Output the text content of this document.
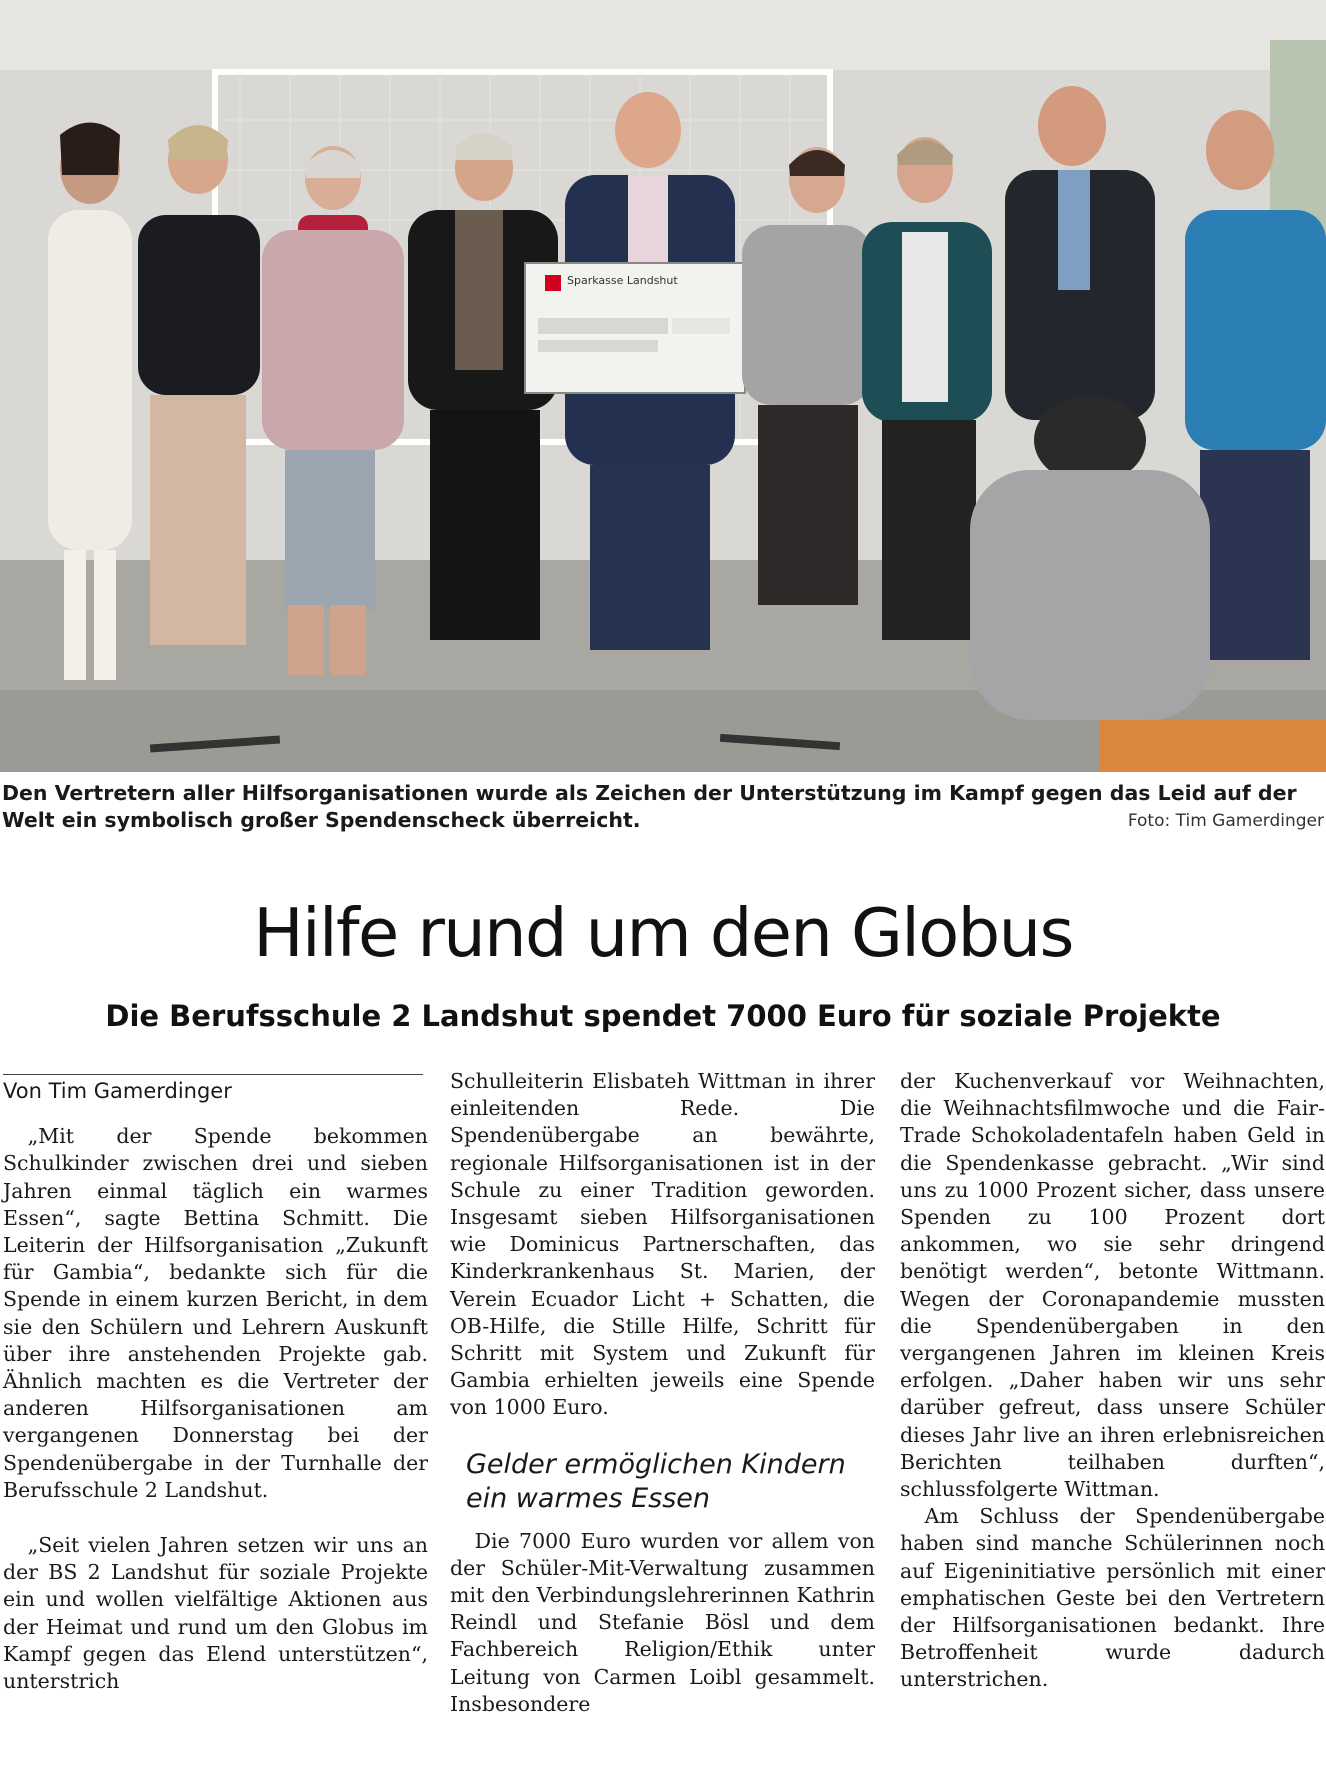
Sparkasse Landshut
Den Vertretern aller Hilfsorganisationen wurde als Zeichen der Unterstützung im Kampf gegen das Leid auf der Welt ein symbolisch großer Spendenscheck überreicht.	Foto: Tim Gamerdinger
Hilfe rund um den Globus
Die Berufsschule 2 Landshut spendet 7000 Euro für soziale Projekte

Von Tim Gamerdinger

„Mit der Spende bekommen Schulkinder zwischen drei und sieben Jahren einmal täglich ein warmes Essen“, sagte Bettina Schmitt. Die Leiterin der Hilfsorganisation „Zukunft für Gambia“, bedankte sich für die Spende in einem kurzen Bericht, in dem sie den Schülern und Lehrern Auskunft über ihre anstehenden Projekte gab. Ähnlich machten es die Vertreter der anderen Hilfsorganisationen am vergangenen Donnerstag bei der Spendenübergabe in der Turnhalle der Berufsschule 2 Landshut.

„Seit vielen Jahren setzen wir uns an der BS 2 Landshut für soziale Projekte ein und wollen vielfältige Aktionen aus der Heimat und rund um den Globus im Kampf gegen das Elend unterstützen“, unterstrich

Schulleiterin Elisbateh Wittman in ihrer einleitenden Rede. Die Spendenübergabe an bewährte, regionale Hilfsorganisationen ist in der Schule zu einer Tradition geworden. Insgesamt sieben Hilfsorganisationen wie Dominicus Partnerschaften, das Kinderkrankenhaus St. Marien, der Verein Ecuador Licht + Schatten, die OB-Hilfe, die Stille Hilfe, Schritt für Schritt mit System und Zukunft für Gambia erhielten jeweils eine Spende von 1000 Euro.

Gelder ermöglichen Kindern ein warmes Essen

Die 7000 Euro wurden vor allem von der Schüler-Mit-Verwaltung zusammen mit den Verbindungslehrerinnen Kathrin Reindl und Stefanie Bösl und dem Fachbereich Religion/Ethik unter Leitung von Carmen Loibl gesammelt. Insbesondere

der Kuchenverkauf vor Weihnachten, die Weihnachtsfilmwoche und die Fair-Trade Schokoladentafeln haben Geld in die Spendenkasse gebracht. „Wir sind uns zu 1000 Prozent sicher, dass unsere Spenden zu 100 Prozent dort ankommen, wo sie sehr dringend benötigt werden“, betonte Wittmann. Wegen der Coronapandemie mussten die Spendenübergaben in den vergangenen Jahren im kleinen Kreis erfolgen. „Daher haben wir uns sehr darüber gefreut, dass unsere Schüler dieses Jahr live an ihren erlebnisreichen Berichten teilhaben durften“, schlussfolgerte Wittman.

Am Schluss der Spendenübergabe haben sind manche Schülerinnen noch auf Eigeninitiative persönlich mit einer emphatischen Geste bei den Vertretern der Hilfsorganisationen bedankt. Ihre Betroffenheit wurde dadurch unterstrichen.
